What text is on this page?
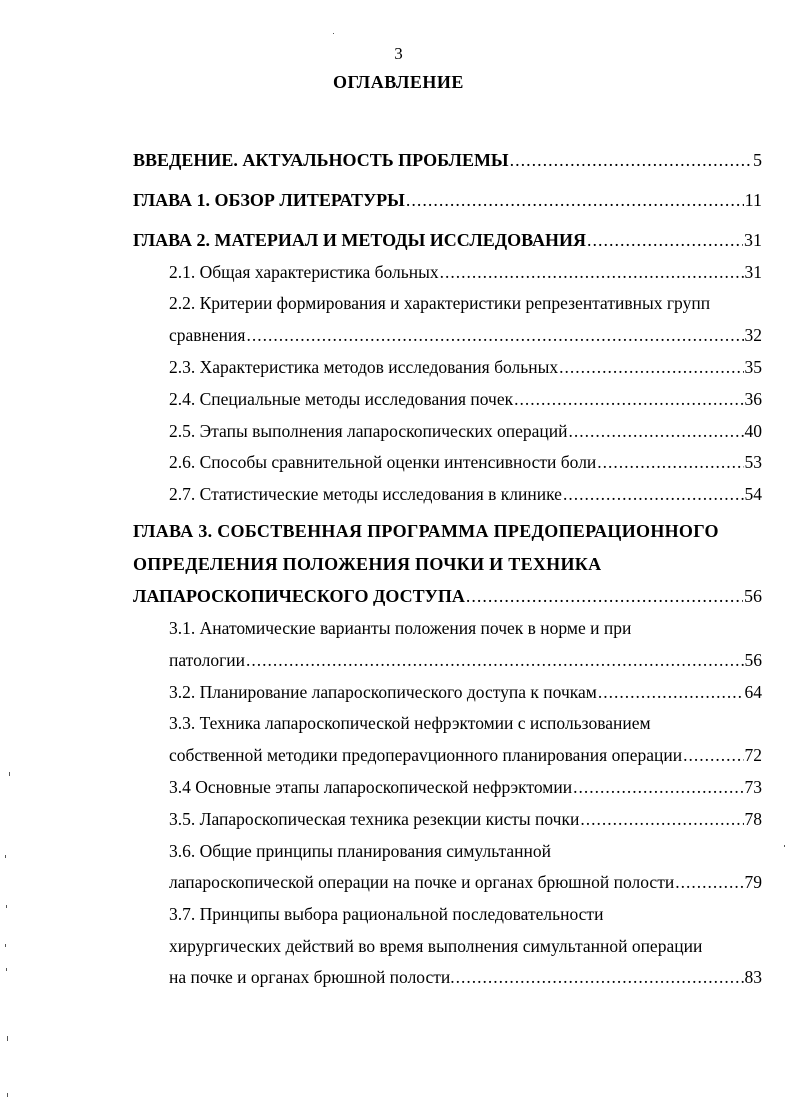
3
ОГЛАВЛЕНИЕ
ВВЕДЕНИЕ. АКТУАЛЬНОСТЬ ПРОБЛЕМЫ .....	5
ГЛАВА 1. ОБЗОР ЛИТЕРАТУРЫ .....	11
ГЛАВА 2. МАТЕРИАЛ И МЕТОДЫ ИССЛЕДОВАНИЯ .....	31
2.1. Общая характеристика больных .....	31
2.2. Критерии формирования и характеристики репрезентативных групп
сравнения .....	32
2.3. Характеристика методов исследования больных .....	35
2.4. Специальные методы исследования почек .....	36
2.5. Этапы выполнения лапароскопических операций .....	40
2.6. Способы сравнительной оценки интенсивности боли .....	53
2.7. Статистические методы исследования в клинике .....	54
ГЛАВА 3. СОБСТВЕННАЯ ПРОГРАММА ПРЕДОПЕРАЦИОННОГО
ОПРЕДЕЛЕНИЯ ПОЛОЖЕНИЯ ПОЧКИ И ТЕХНИКА
ЛАПАРОСКОПИЧЕСКОГО ДОСТУПА .....	56
3.1. Анатомические варианты положения почек в норме и при
патологии .....	56
3.2. Планирование лапароскопического доступа к почкам .....	64
3.3. Техника лапароскопической нефрэктомии с использованием
собственной методики предопераvционного планирования операции .....	72
3.4 Основные этапы лапароскопической нефрэктомии .....	73
3.5. Лапароскопическая техника резекции кисты почки .....	78
3.6. Общие принципы планирования симультанной
лапароскопической операции на почке и органах брюшной полости .....	79
3.7. Принципы выбора рациональной последовательности
хирургических действий во время выполнения симультанной операции
на почке и органах брюшной полости. .....	83
